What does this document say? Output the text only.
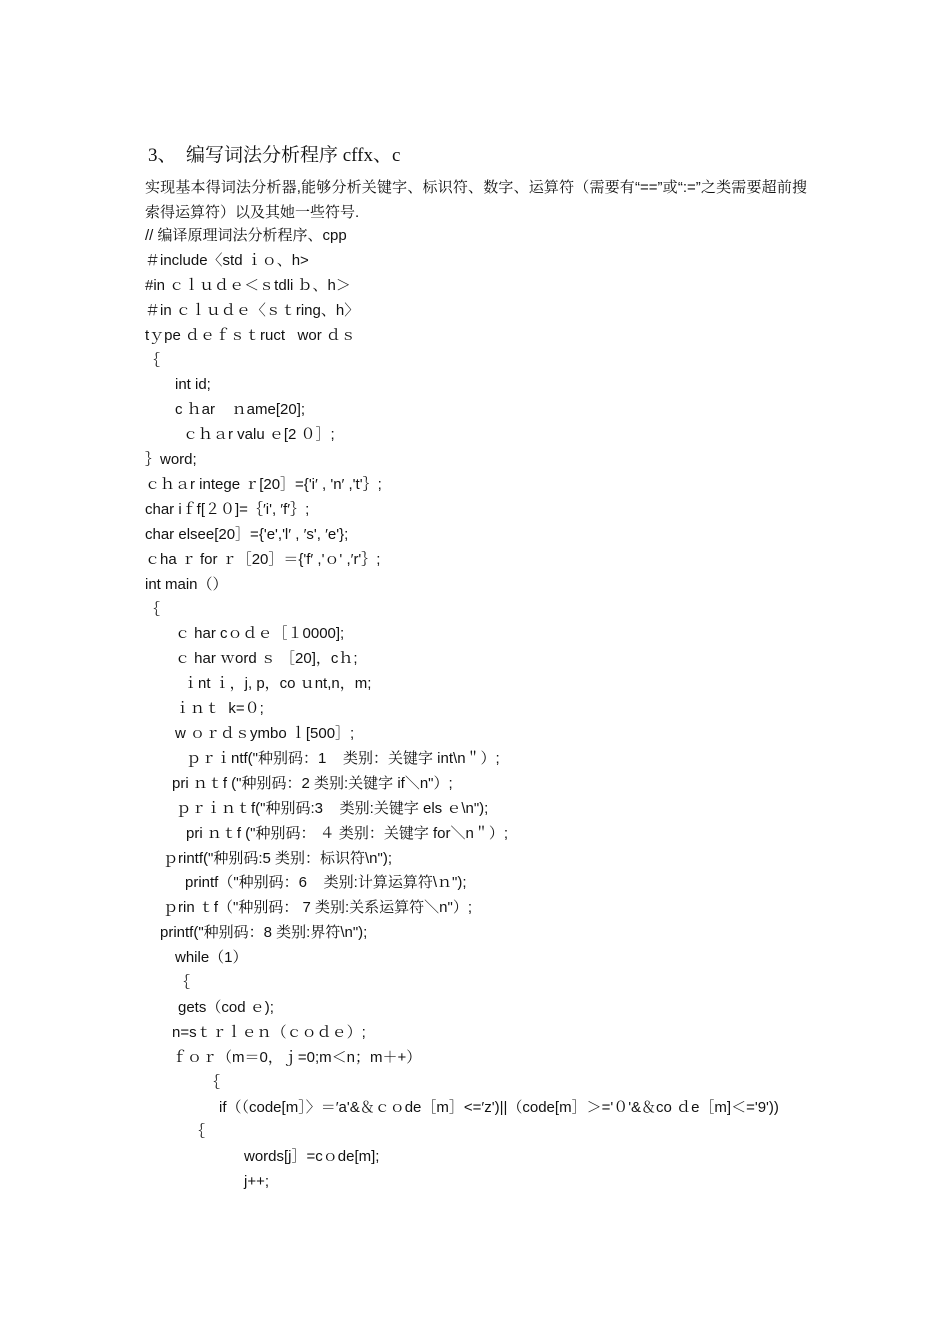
3、  编写词法分析程序 cffx、c
实现基本得词法分析器,能够分析关键字、标识符、数字、运算符（需要有“==”或“:=”之类需要超前搜索得运算符）以及其她一些符号.
// 编译原理词法分析程序、cpp
＃include〈std ｉｏ、h>
#in ｃｌｕｄｅ＜ｓtdli ｂ、h＞
＃in ｃｌｕｄｅ〈ｓｔring、h〉
tｙpe ｄｅｆｓｔruct   wor ｄｓ
｛
int id;
c ｈar    ｎame[20];
ｃｈａr valu ｅ[2 ０］;
｝word;
ｃｈａr intege ｒ[20］={'i′ , 'n′ ,'t'｝;
char iｆf[２０]=｛′i', ′f′｝;
char elsee[20］={'e','l′ , ′s', ′e'};
ｃha ｒ for ｒ［20］＝{'f′ ,'ｏ' ,′r'｝;
int main（）
｛
ｃ har cｏｄｅ［１0000];
ｃ har ｗord ｓ ［20]，cｈ;
ｉnt ｉ，j, p，co ｕnt,n，m;
ｉｎｔ  k=０;
w ｏｒｄｓymbo ｌ[500］;
ｐｒｉntf("种别码：1    类别：关键字 int\n＂）;
pri ｎｔf ("种别码：2 类别:关键字 if＼n"）;
ｐｒｉｎｔf("种别码:3    类别:关键字 els ｅ\n");
pri ｎｔf ("种别码： ４ 类别：关键字 for＼n＂）;
ｐrintf("种别码:5 类别：标识符\n");
printf（"种别码：6    类别:计算运算符\ｎ");
ｐrin ｔf（"种别码： 7 类别:关系运算符＼n"）;
printf("种别码：8 类别:界符\n");
while（1）
｛
gets（cod ｅ);
n=sｔｒｌｅｎ（ｃｏｄｅ）;
ｆｏｒ（m＝0，ｊ=0;m＜n；m＋+）
｛
if（（code[m］〉＝′a'&＆ｃｏde［m］<=′z')||（code[m］＞='０'&＆co ｄe［m]＜='9'))
｛
words[j］=cｏde[m];
j++;
